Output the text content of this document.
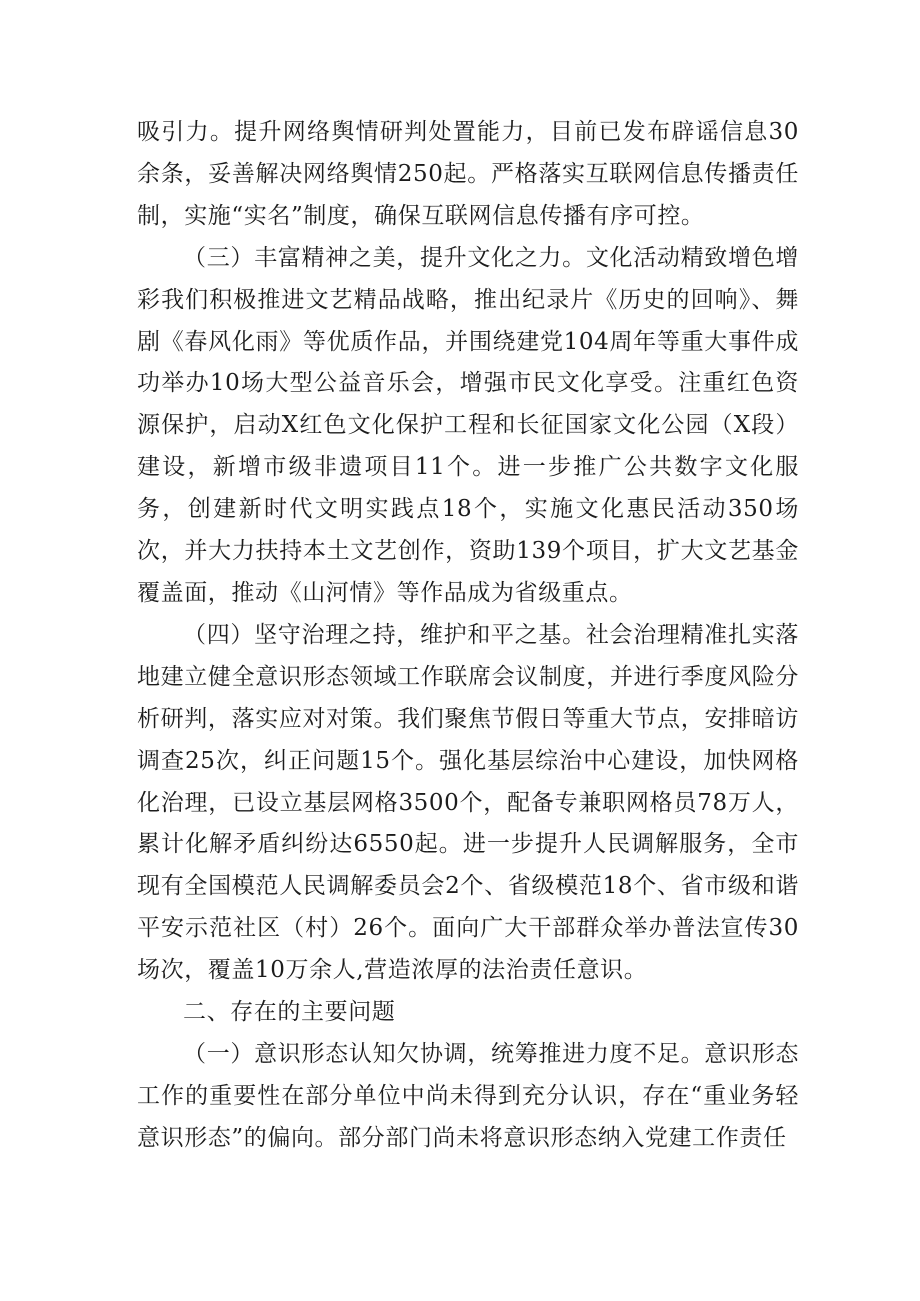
吸引力。提升网络舆情研判处置能力，目前已发布辟谣信息30余条，妥善解决网络舆情250起。严格落实互联网信息传播责任制，实施“实名”制度，确保互联网信息传播有序可控。

（三）丰富精神之美，提升文化之力。文化活动精致增色增彩我们积极推进文艺精品战略，推出纪录片《历史的回响》、舞剧《春风化雨》等优质作品，并围绕建党104周年等重大事件成功举办10场大型公益音乐会，增强市民文化享受。注重红色资源保护，启动X红色文化保护工程和长征国家文化公园（X段）建设，新增市级非遗项目11个。进一步推广公共数字文化服务，创建新时代文明实践点18个，实施文化惠民活动350场次，并大力扶持本土文艺创作，资助139个项目，扩大文艺基金覆盖面，推动《山河情》等作品成为省级重点。

（四）坚守治理之持，维护和平之基。社会治理精准扎实落地建立健全意识形态领域工作联席会议制度，并进行季度风险分析研判，落实应对对策。我们聚焦节假日等重大节点，安排暗访调查25次，纠正问题15个。强化基层综治中心建设，加快网格化治理，已设立基层网格3500个，配备专兼职网格员78万人，累计化解矛盾纠纷达6550起。进一步提升人民调解服务，全市现有全国模范人民调解委员会2个、省级模范18个、省市级和谐平安示范社区（村）26个。面向广大干部群众举办普法宣传30场次，覆盖10万余人,营造浓厚的法治责任意识。

二、存在的主要问题

（一）意识形态认知欠协调，统筹推进力度不足。意识形态工作的重要性在部分单位中尚未得到充分认识，存在“重业务轻意识形态”的偏向。部分部门尚未将意识形态纳入党建工作责任
